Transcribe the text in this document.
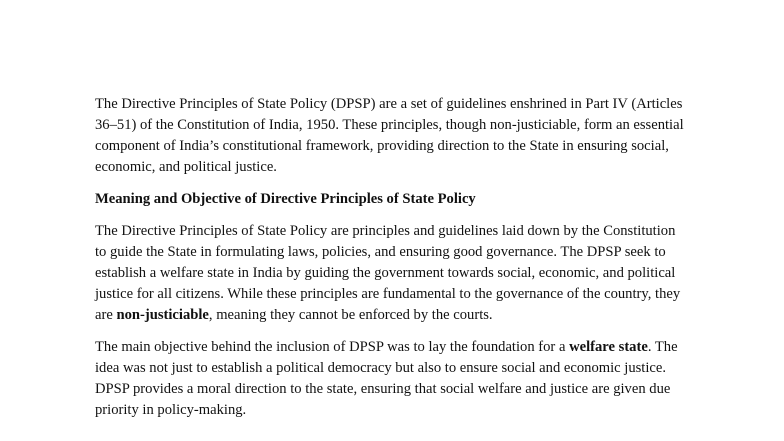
The Directive Principles of State Policy (DPSP) are a set of guidelines enshrined in Part IV (Articles 36–51) of the Constitution of India, 1950. These principles, though non-justiciable, form an essential component of India’s constitutional framework, providing direction to the State in ensuring social, economic, and political justice.

Meaning and Objective of Directive Principles of State Policy

The Directive Principles of State Policy are principles and guidelines laid down by the Constitution to guide the State in formulating laws, policies, and ensuring good governance. The DPSP seek to establish a welfare state in India by guiding the government towards social, economic, and political justice for all citizens. While these principles are fundamental to the governance of the country, they are non-justiciable, meaning they cannot be enforced by the courts.

The main objective behind the inclusion of DPSP was to lay the foundation for a welfare state. The idea was not just to establish a political democracy but also to ensure social and economic justice. DPSP provides a moral direction to the state, ensuring that social welfare and justice are given due priority in policy-making.
